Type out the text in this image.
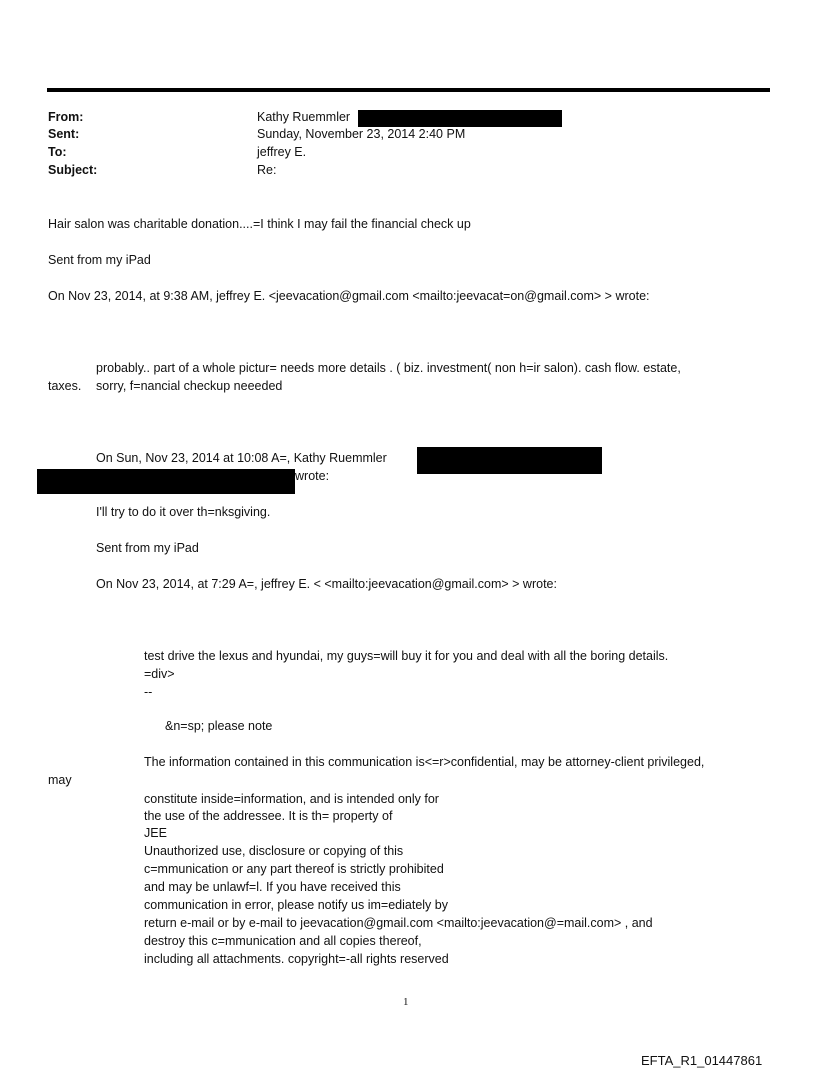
From:	Kathy Ruemmler
Sent:	Sunday, November 23, 2014 2:40 PM
To:	jeffrey E.
Subject:	Re:
Hair salon was charitable donation....=I think I may fail the financial check up
Sent from my iPad
On Nov 23, 2014, at 9:38 AM, jeffrey E. <jeevacation@gmail.com <mailto:jeevacat=on@gmail.com> > wrote:
probably.. part of a whole pictur= needs more details . ( biz. investment( non h=ir salon). cash flow. estate,
taxes. sorry, f=nancial checkup neeeded
On Sun, Nov 23, 2014 at 10:08 A=, Kathy Ruemmler
wrote:
I'll try to do it over th=nksgiving.
Sent from my iPad
On Nov 23, 2014, at 7:29 A=, jeffrey E. < <mailto:jeevacation@gmail.com> > wrote:
test drive the lexus and hyundai, my guys=will buy it for you and deal with all the boring details.
=div>
--
&n=sp; please note
The information contained in this communication is<=r>confidential, may be attorney-client privileged,
may
constitute inside=information, and is intended only for
the use of the addressee. It is th= property of
JEE
Unauthorized use, disclosure or copying of this
c=mmunication or any part thereof is strictly prohibited
and may be unlawf=l. If you have received this
communication in error, please notify us im=ediately by
return e-mail or by e-mail to jeevacation@gmail.com <mailto:jeevacation@=mail.com> , and
destroy this c=mmunication and all copies thereof,
including all attachments. copyright=-all rights reserved
1
EFTA_R1_01447861
